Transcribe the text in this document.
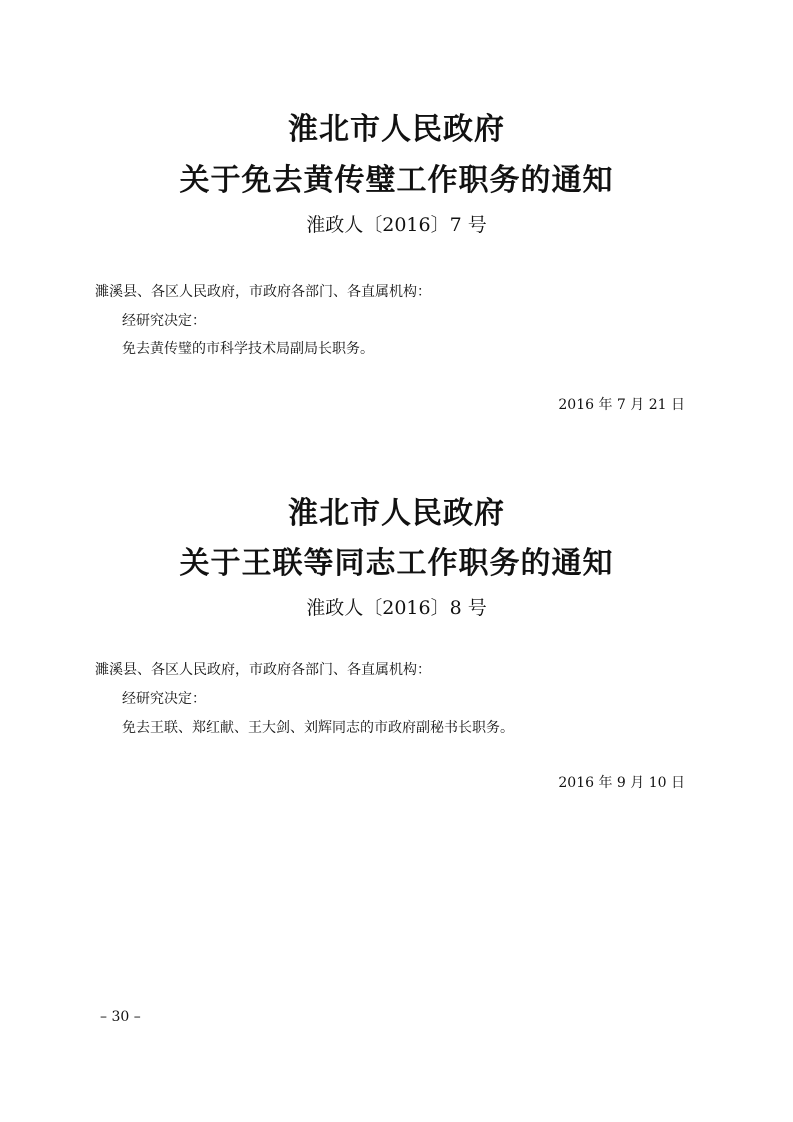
淮北市人民政府
关于免去黄传璧工作职务的通知
淮政人〔2016〕7 号
濉溪县、各区人民政府，市政府各部门、各直属机构：
经研究决定：
免去黄传璧的市科学技术局副局长职务。
2016 年 7 月 21 日
淮北市人民政府
关于王联等同志工作职务的通知
淮政人〔2016〕8 号
濉溪县、各区人民政府，市政府各部门、各直属机构：
经研究决定：
免去王联、郑红献、王大剑、刘辉同志的市政府副秘书长职务。
2016 年 9 月 10 日
– 30 –
